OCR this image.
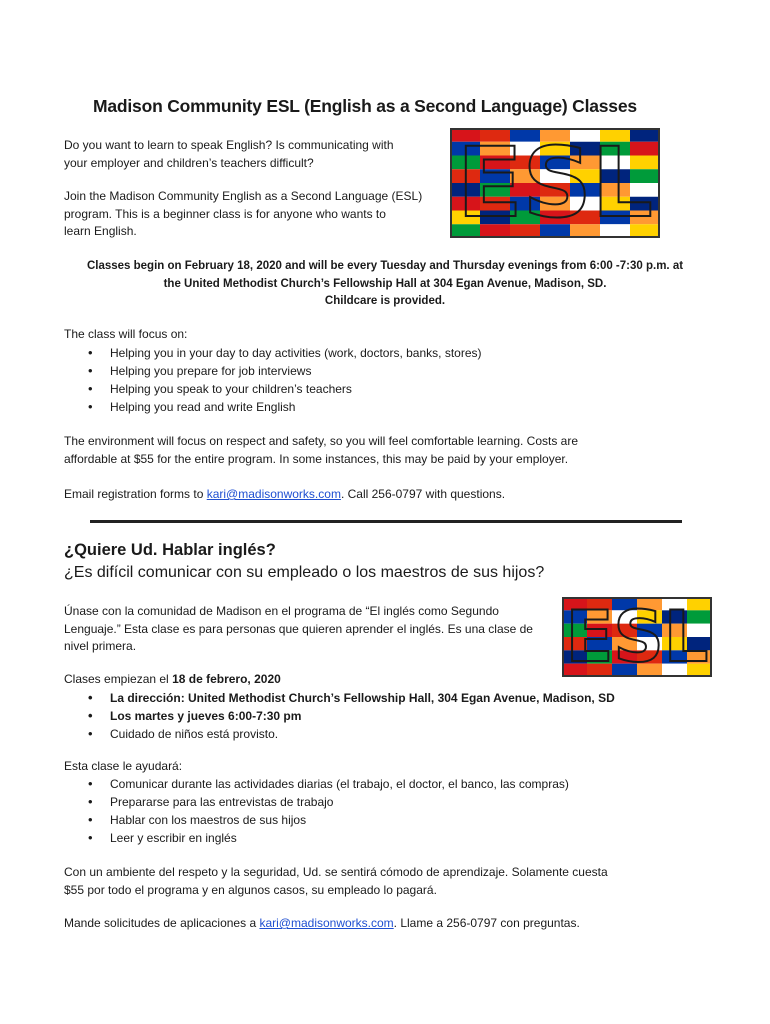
Madison Community ESL (English as a Second Language) Classes

Do you want to learn to speak English? Is communicating with
your employer and children’s teachers difficult?

Join the Madison Community English as a Second Language (ESL)
program. This is a beginner class is for anyone who wants to
learn English.	ESL

Classes begin on February 18, 2020 and will be every Tuesday and Thursday evenings from 6:00 -7:30 p.m. at
the United Methodist Church’s Fellowship Hall at 304 Egan Avenue, Madison, SD.
Childcare is provided.

The class will focus on:

• Helping you in your day to day activities (work, doctors, banks, stores)
• Helping you prepare for job interviews
• Helping you speak to your children’s teachers
• Helping you read and write English

The environment will focus on respect and safety, so you will feel comfortable learning. Costs are
affordable at $55 for the entire program. In some instances, this may be paid by your employer.

Email registration forms to kari@madisonworks.com. Call 256-0797 with questions.

¿Quiere Ud. Hablar inglés?

¿Es difícil comunicar con su empleado o los maestros de sus hijos?

Únase con la comunidad de Madison en el programa de “El inglés como Segundo
Lenguaje.” Esta clase es para personas que quieren aprender el inglés. Es una clase de
nivel primera.	ESL

Clases empiezan el 18 de febrero, 2020

• La dirección: United Methodist Church’s Fellowship Hall, 304 Egan Avenue, Madison, SD
• Los martes y jueves 6:00-7:30 pm
• Cuidado de niños está provisto.

Esta clase le ayudará:

• Comunicar durante las actividades diarias (el trabajo, el doctor, el banco, las compras)
• Prepararse para las entrevistas de trabajo
• Hablar con los maestros de sus hijos
• Leer y escribir en inglés

Con un ambiente del respeto y la seguridad, Ud. se sentirá cómodo de aprendizaje. Solamente cuesta
$55 por todo el programa y en algunos casos, su empleado lo pagará.

Mande solicitudes de aplicaciones a kari@madisonworks.com. Llame a 256-0797 con preguntas.
